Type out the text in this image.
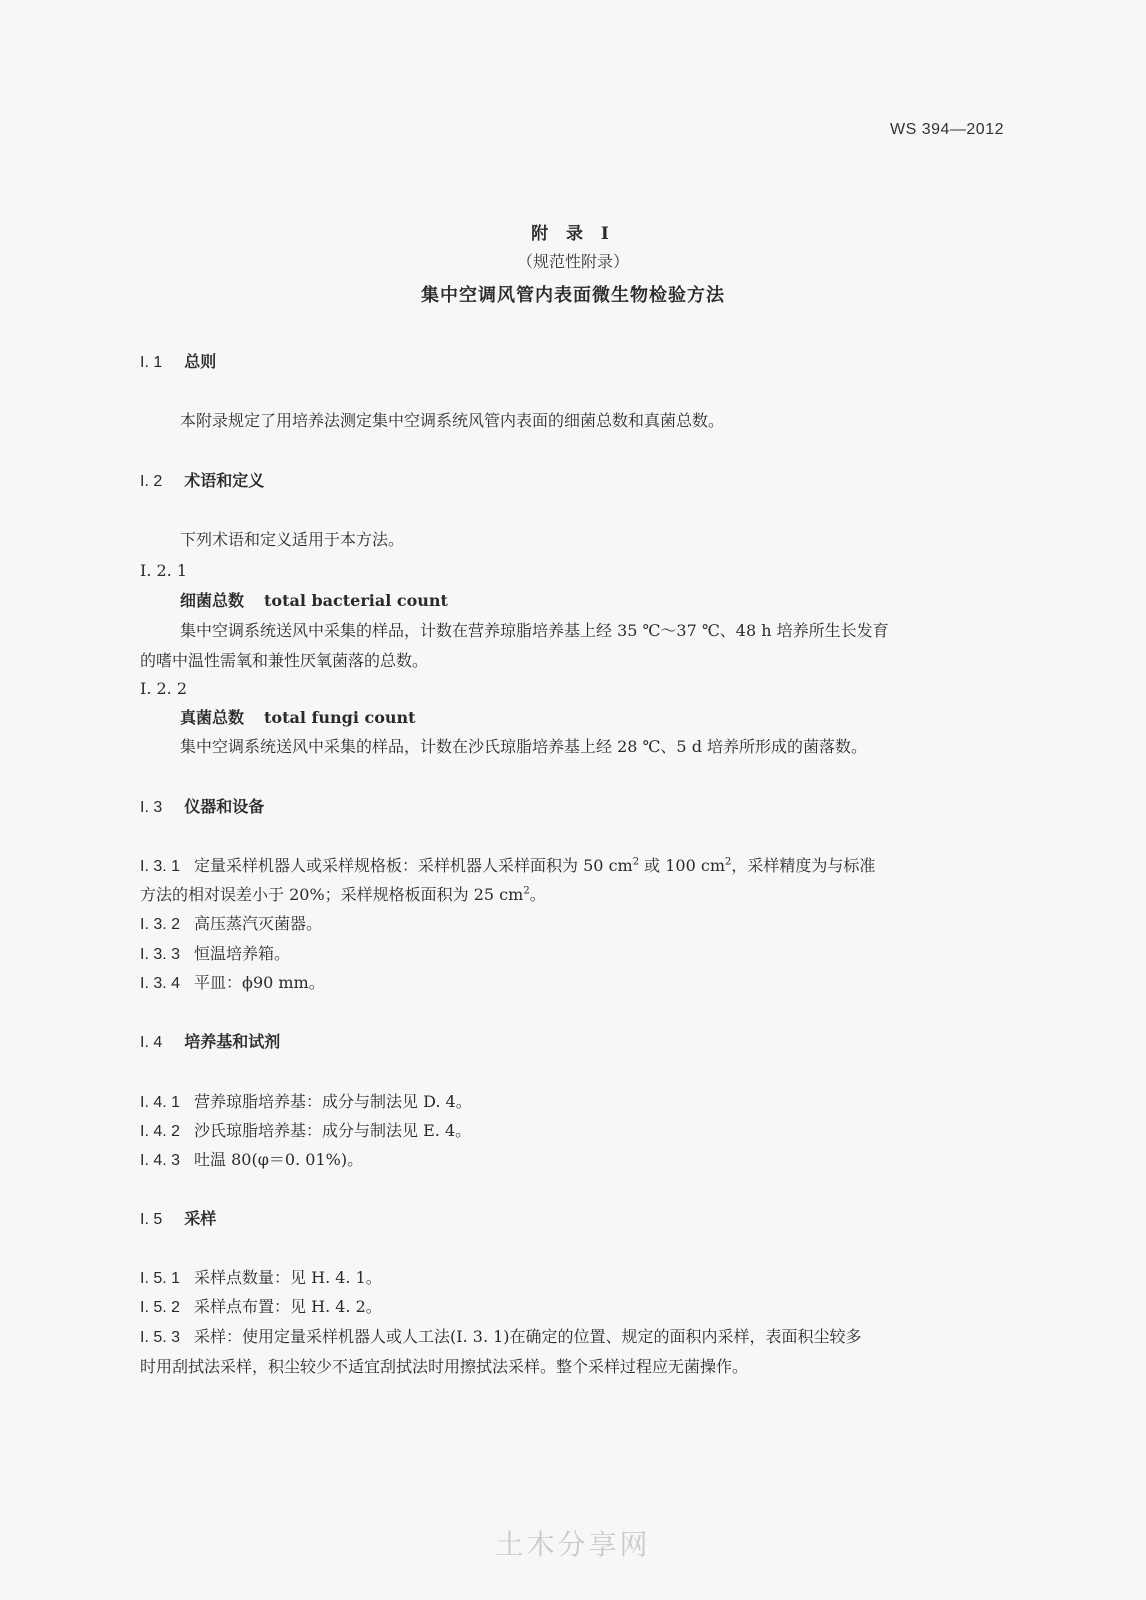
WS 394—2012
附 录 I
（规范性附录）
集中空调风管内表面微生物检验方法
I. 1 总则
本附录规定了用培养法测定集中空调系统风管内表面的细菌总数和真菌总数。
I. 2 术语和定义
下列术语和定义适用于本方法。
I. 2. 1
细菌总数 total bacterial count
集中空调系统送风中采集的样品，计数在营养琼脂培养基上经 35 ℃～37 ℃、48 h 培养所生长发育
的嗜中温性需氧和兼性厌氧菌落的总数。
I. 2. 2
真菌总数 total fungi count
集中空调系统送风中采集的样品，计数在沙氏琼脂培养基上经 28 ℃、5 d 培养所形成的菌落数。
I. 3 仪器和设备
I. 3. 1 定量采样机器人或采样规格板：采样机器人采样面积为 50 $cm^2$ 或 100 $cm^2$，采样精度为与标准
方法的相对误差小于 20%；采样规格板面积为 25 $cm^2$。
I. 3. 2 高压蒸汽灭菌器。
I. 3. 3 恒温培养箱。
I. 3. 4 平皿：ϕ90 mm。
I. 4 培养基和试剂
I. 4. 1 营养琼脂培养基：成分与制法见 D. 4。
I. 4. 2 沙氏琼脂培养基：成分与制法见 E. 4。
I. 4. 3 吐温 80(φ＝0. 01%)。
I. 5 采样
I. 5. 1 采样点数量：见 H. 4. 1。
I. 5. 2 采样点布置：见 H. 4. 2。
I. 5. 3 采样：使用定量采样机器人或人工法(I. 3. 1)在确定的位置、规定的面积内采样，表面积尘较多
时用刮拭法采样，积尘较少不适宜刮拭法时用擦拭法采样。整个采样过程应无菌操作。
土木分享网
